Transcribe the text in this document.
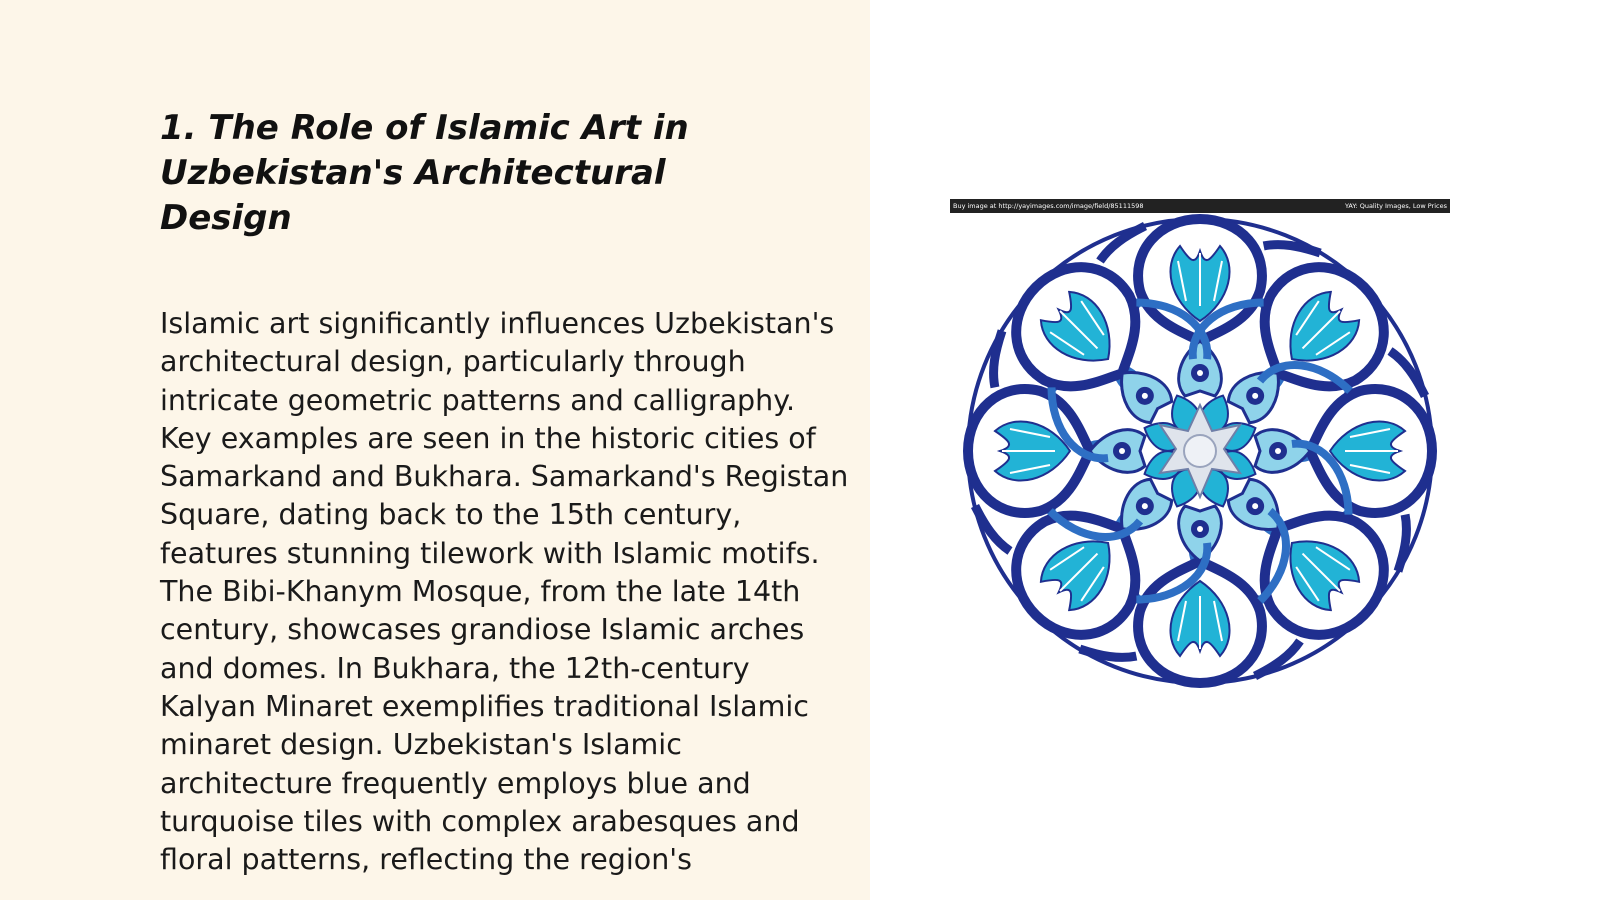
1. The Role of Islamic Art in Uzbekistan's Architectural Design

Islamic art significantly influences Uzbekistan's architectural design, particularly through intricate geometric patterns and calligraphy. Key examples are seen in the historic cities of Samarkand and Bukhara. Samarkand's Registan Square, dating back to the 15th century, features stunning tilework with Islamic motifs. The Bibi-Khanym Mosque, from the late 14th century, showcases grandiose Islamic arches and domes. In Bukhara, the 12th-century Kalyan Minaret exemplifies traditional Islamic minaret design. Uzbekistan's Islamic architecture frequently employs blue and turquoise tiles with complex arabesques and floral patterns, reflecting the region's

Buy image at http://yayimages.com/image/field/85111598	YAY: Quality Images, Low Prices
